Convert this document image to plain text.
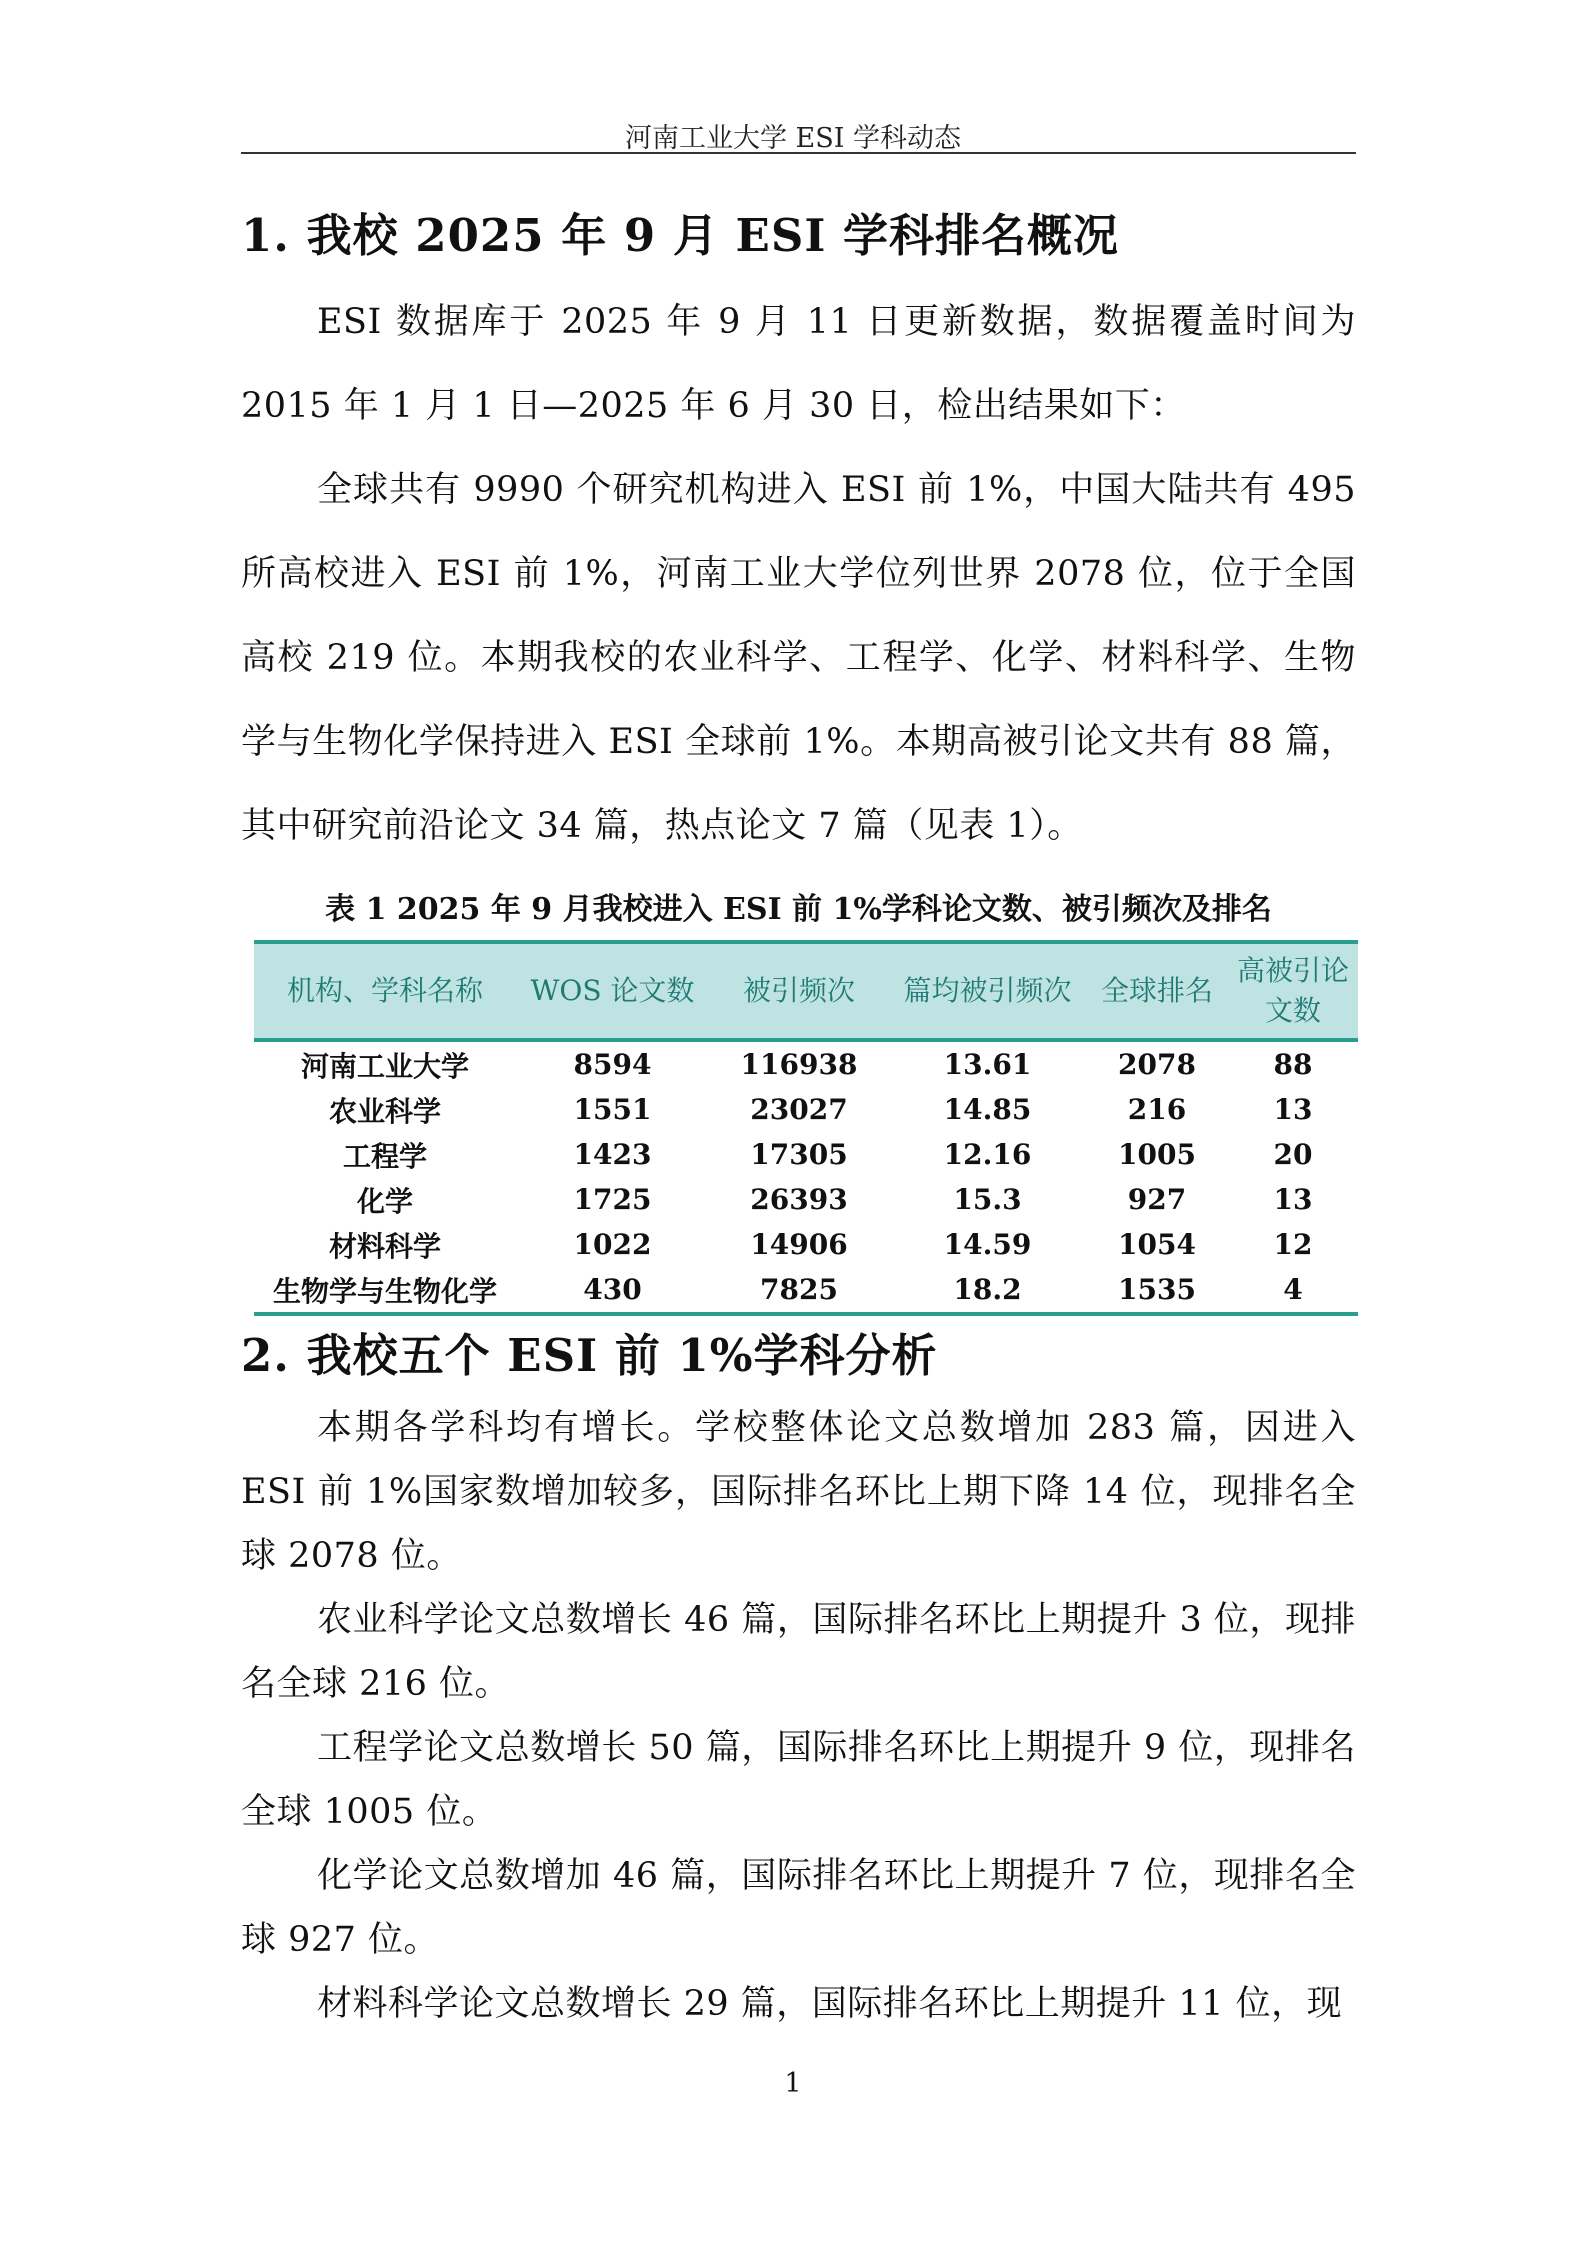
河南工业大学 ESI 学科动态
1. 我校 2025 年 9 月 ESI 学科排名概况

ESI 数据库于 2025 年 9 月 11 日更新数据，数据覆盖时间为 2015 年 1 月 1 日—2025 年 6 月 30 日，检出结果如下：

全球共有 9990 个研究机构进入 ESI 前 1%，中国大陆共有 495 所高校进入 ESI 前 1%，河南工业大学位列世界 2078 位，位于全国高校 219 位。本期我校的农业科学、工程学、化学、材料科学、生物学与生物化学保持进入 ESI 全球前 1%。本期高被引论文共有 88 篇，其中研究前沿论文 34 篇，热点论文 7 篇（见表 1）。

表 1 2025 年 9 月我校进入 ESI 前 1%学科论文数、被引频次及排名
机构、学科名称	WOS 论文数	被引频次	篇均被引频次	全球排名	高被引论文数
河南工业大学	8594	116938	13.61	2078	88
农业科学	1551	23027	14.85	216	13
工程学	1423	17305	12.16	1005	20
化学	1725	26393	15.3	927	13
材料科学	1022	14906	14.59	1054	12
生物学与生物化学	430	7825	18.2	1535	4
2. 我校五个 ESI 前 1%学科分析

本期各学科均有增长。学校整体论文总数增加 283 篇，因进入 ESI 前 1%国家数增加较多，国际排名环比上期下降 14 位，现排名全球 2078 位。

农业科学论文总数增长 46 篇，国际排名环比上期提升 3 位，现排名全球 216 位。

工程学论文总数增长 50 篇，国际排名环比上期提升 9 位，现排名全球 1005 位。

化学论文总数增加 46 篇，国际排名环比上期提升 7 位，现排名全球 927 位。

材料科学论文总数增长 29 篇，国际排名环比上期提升 11 位，现

1
